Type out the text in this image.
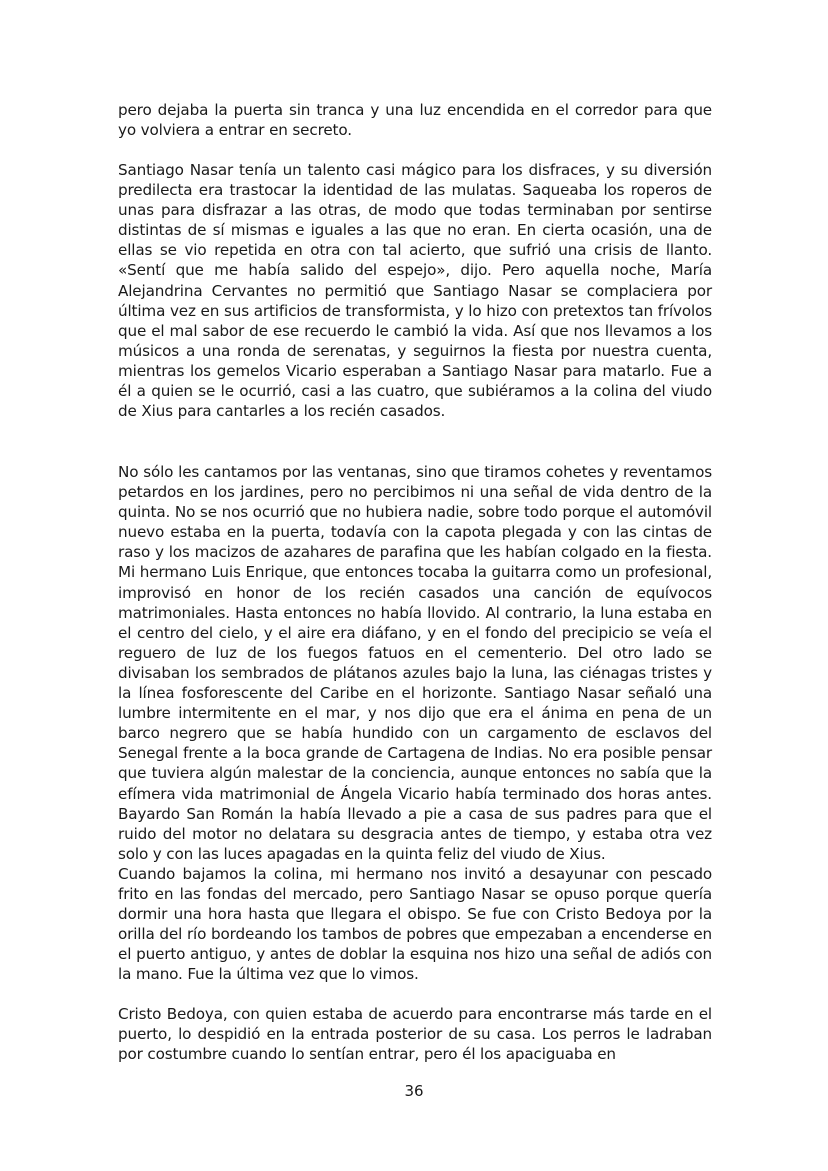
pero dejaba la puerta sin tranca y una luz encendida en el corredor para que yo volviera a entrar en secreto.

Santiago Nasar tenía un talento casi mágico para los disfraces, y su diversión predilecta era trastocar la identidad de las mulatas. Saqueaba los roperos de unas para disfrazar a las otras, de modo que todas terminaban por sentirse distintas de sí mismas e iguales a las que no eran. En cierta ocasión, una de ellas se vio repetida en otra con tal acierto, que sufrió una crisis de llanto. «Sentí que me había salido del espejo», dijo. Pero aquella noche, María Alejandrina Cervantes no permitió que Santiago Nasar se complaciera por última vez en sus artificios de transformista, y lo hizo con pretextos tan frívolos que el mal sabor de ese recuerdo le cambió la vida. Así que nos llevamos a los músicos a una ronda de serenatas, y seguirnos la fiesta por nuestra cuenta, mientras los gemelos Vicario esperaban a Santiago Nasar para matarlo. Fue a él a quien se le ocurrió, casi a las cuatro, que subiéramos a la colina del viudo de Xius para cantarles a los recién casados.

No sólo les cantamos por las ventanas, sino que tiramos cohetes y reventamos petardos en los jardines, pero no percibimos ni una señal de vida dentro de la quinta. No se nos ocurrió que no hubiera nadie, sobre todo porque el automóvil nuevo estaba en la puerta, todavía con la capota plegada y con las cintas de raso y los macizos de azahares de parafina que les habían colgado en la fiesta. Mi hermano Luis Enrique, que entonces tocaba la guitarra como un profesional, improvisó en honor de los recién casados una canción de equívocos matrimoniales. Hasta entonces no había llovido. Al contrario, la luna estaba en el centro del cielo, y el aire era diáfano, y en el fondo del precipicio se veía el reguero de luz de los fuegos fatuos en el cementerio. Del otro lado se divisaban los sembrados de plátanos azules bajo la luna, las ciénagas tristes y la línea fosforescente del Caribe en el horizonte. Santiago Nasar señaló una lumbre intermitente en el mar, y nos dijo que era el ánima en pena de un barco negrero que se había hundido con un cargamento de esclavos del Senegal frente a la boca grande de Cartagena de Indias. No era posible pensar que tuviera algún malestar de la conciencia, aunque entonces no sabía que la efímera vida matrimonial de Ángela Vicario había terminado dos horas antes. Bayardo San Román la había llevado a pie a casa de sus padres para que el ruido del motor no delatara su desgracia antes de tiempo, y estaba otra vez solo y con las luces apagadas en la quinta feliz del viudo de Xius.

Cuando bajamos la colina, mi hermano nos invitó a desayunar con pescado frito en las fondas del mercado, pero Santiago Nasar se opuso porque quería dormir una hora hasta que llegara el obispo. Se fue con Cristo Bedoya por la orilla del río bordeando los tambos de pobres que empezaban a encenderse en el puerto antiguo, y antes de doblar la esquina nos hizo una señal de adiós con la mano. Fue la última vez que lo vimos.

Cristo Bedoya, con quien estaba de acuerdo para encontrarse más tarde en el puerto, lo despidió en la entrada posterior de su casa. Los perros le ladraban por costumbre cuando lo sentían entrar, pero él los apaciguaba en

36
